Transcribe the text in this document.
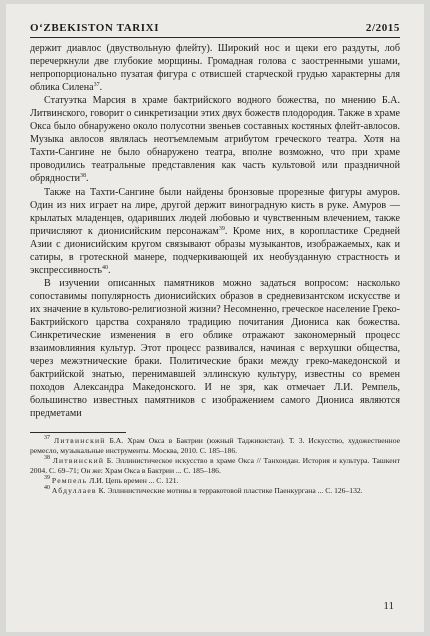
O‘ZBEKISTON TARIXI	2/2015

держит диавлос (двуствольную флейту). Широкий нос и щеки его раздуты, лоб перечеркнули две глубокие морщины. Громадная голова с заостренными ушами, непропорционально пузатая фигура с отвисшей старческой грудью характерны для облика Силена$^{37}$.

Статуэтка Марсия в храме бактрийского водного божества, по мнению Б.А. Литвинского, говорит о синкретизации этих двух божеств плодородия. Также в храме Окса было обнаружено около полусотни звеньев составных костяных флейт-авлосов. Музыка авлосов являлась неотъемлемым атрибутом греческого театра. Хотя на Тахти-Сангине не было обнаружено театра, вполне возможно, что при храме проводились театральные представления как часть культовой или праздничной обрядности$^{38}$.

Также на Тахти-Сангине были найдены бронзовые прорезные фигуры амуров. Один из них играет на лире, другой держит виноградную кисть в руке. Амуров — крылатых младенцев, одаривших людей любовью и чувственным влечением, также причисляют к дионисийским персонажам$^{39}$. Кроме них, в коропластике Средней Азии с дионисийским кругом связывают образы музыкантов, изображаемых, как и сатиры, в гротескной манере, подчеркивающей их необузданную страстность и экспрессивность$^{40}$.

В изучении описанных памятников можно задаться вопросом: насколько сопоставимы популярность дионисийских образов в средневизантском искусстве и их значение в культово-религиозной жизни? Несомненно, греческое население Греко-Бактрийского царства сохраняло традицию почитания Диониса как божества. Синкретические изменения в его облике отражают закономерный процесс взаимовлияния культур. Этот процесс развивался, начиная с верхушки общества, через межэтнические браки. Политические браки между греко-македонской и бактрийской знатью, перенимавшей эллинскую культуру, известны со времен походов Александра Македонского. И не зря, как отмечает Л.И. Ремпель, большинство известных памятников с изображением самого Диониса являются предметами

$^{37}$ Литвинский Б.А. Храм Окса в Бактрии (южный Таджикистан). Т. 3. Искусство, художественное ремесло, музыкальные инструменты. Москва, 2010. С. 185–186.

$^{38}$ Литвинский Б. Эллинистическое искусство в храме Окса // Танхоидан. История и культура. Ташкент 2004. С. 69–71; Он же: Храм Окса в Бактрии ... С. 185–186.

$^{39}$ Ремпель Л.И. Цепь времен ... С. 121.

$^{40}$ Абдуллаев К. Эллинистические мотивы в терракотовой пластике Паенкургана ... С. 126–132.

11
